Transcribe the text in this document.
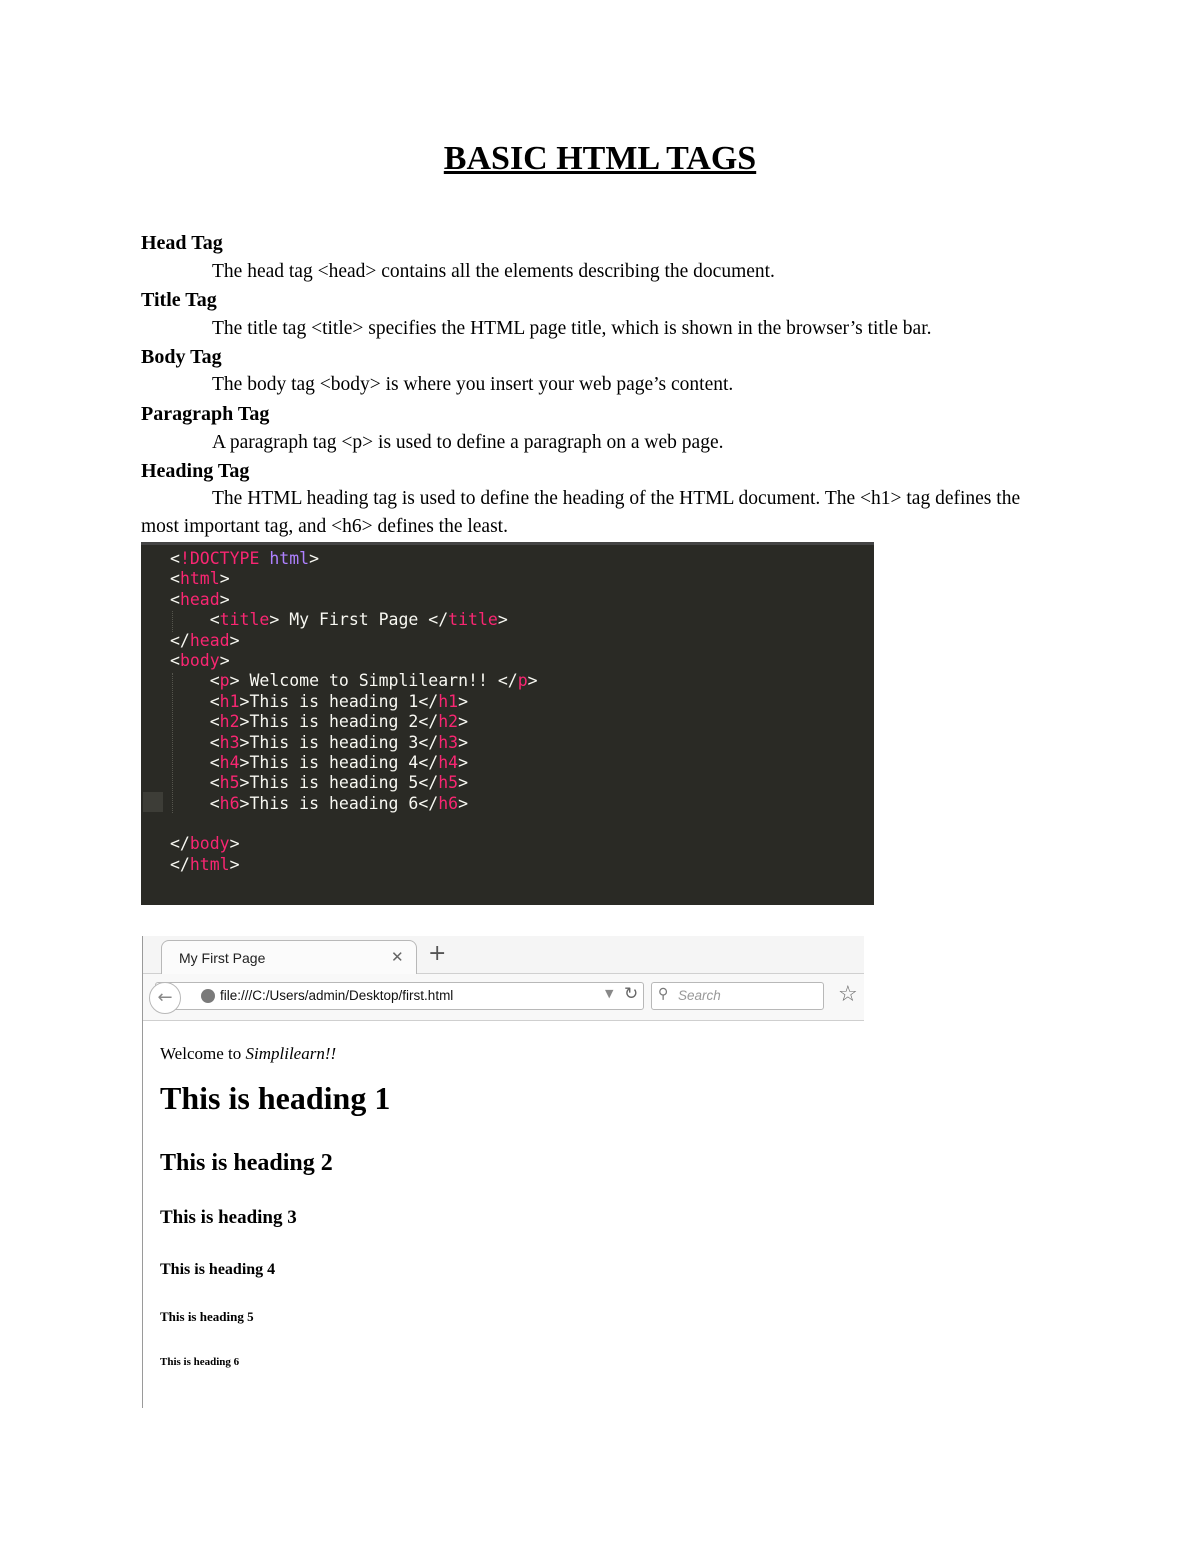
BASIC HTML TAGS
Head Tag
The head tag <head> contains all the elements describing the document.
Title Tag
The title tag <title> specifies the HTML page title, which is shown in the browser’s title bar.
Body Tag
The body tag <body> is where you insert your web page’s content.
Paragraph Tag
A paragraph tag <p> is used to define a paragraph on a web page.
Heading Tag
The HTML heading tag is used to define the heading of the HTML document. The <h1> tag defines the most important tag, and <h6> defines the least.
<!DOCTYPE html>
<html>
<head>
<title> My First Page </title>
</head>
<body>
<p> Welcome to Simplilearn!! </p>
<h1>This is heading 1</h1>
<h2>This is heading 2</h2>
<h3>This is heading 3</h3>
<h4>This is heading 4</h4>
<h5>This is heading 5</h5>
<h6>This is heading 6</h6>

</body>
</html>
My First Page	✕ +
file:///C:/Users/admin/Desktop/first.html	▼ ↻
←	⚲ Search	☆

Welcome to Simplilearn!!

This is heading 1
This is heading 2
This is heading 3
This is heading 4
This is heading 5
This is heading 6
